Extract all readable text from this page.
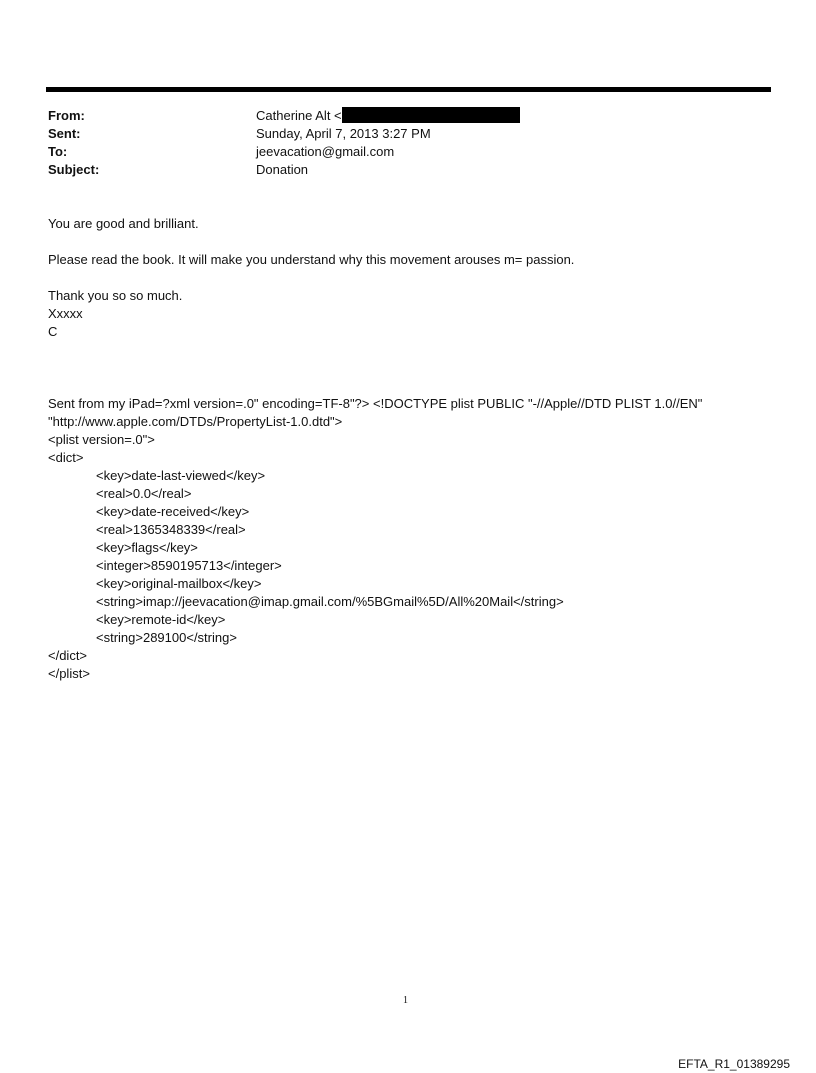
From:	Catherine Alt <
Sent:	Sunday, April 7, 2013 3:27 PM
To:	jeevacation@gmail.com
Subject:	Donation
You are good and brilliant.
Please read the book. It will make you understand why this movement arouses m= passion.
Thank you so so much.
Xxxxx
C
Sent from my iPad=?xml version=.0" encoding=TF-8"?> <!DOCTYPE plist PUBLIC "-//Apple//DTD PLIST 1.0//EN"
"http://www.apple.com/DTDs/PropertyList-1.0.dtd">
<plist version=.0">
<dict>
<key>date-last-viewed</key>
<real>0.0</real>
<key>date-received</key>
<real>1365348339</real>
<key>flags</key>
<integer>8590195713</integer>
<key>original-mailbox</key>
<string>imap://jeevacation@imap.gmail.com/%5BGmail%5D/All%20Mail</string>
<key>remote-id</key>
<string>289100</string>
</dict>
</plist>
1
EFTA_R1_01389295
